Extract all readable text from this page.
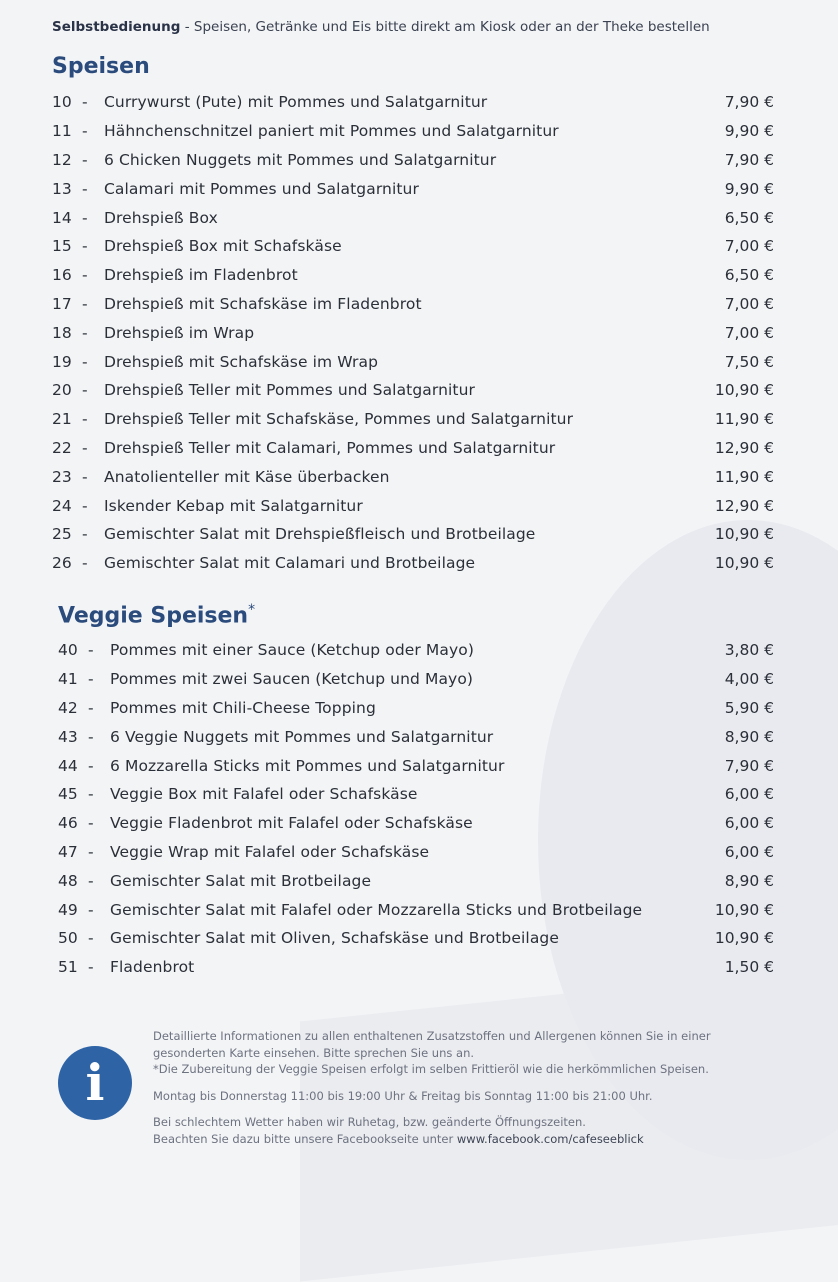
Selbstbedienung - Speisen, Getränke und Eis bitte direkt am Kiosk oder an der Theke bestellen
Speisen
10 -	Currywurst (Pute) mit Pommes und Salatgarnitur	7,90 €
11 -	Hähnchenschnitzel paniert mit Pommes und Salatgarnitur	9,90 €
12 -	6 Chicken Nuggets mit Pommes und Salatgarnitur	7,90 €
13 -	Calamari mit Pommes und Salatgarnitur	9,90 €
14 -	Drehspieß Box	6,50 €
15 -	Drehspieß Box mit Schafskäse	7,00 €
16 -	Drehspieß im Fladenbrot	6,50 €
17 -	Drehspieß mit Schafskäse im Fladenbrot	7,00 €
18 -	Drehspieß im Wrap	7,00 €
19 -	Drehspieß mit Schafskäse im Wrap	7,50 €
20 -	Drehspieß Teller mit Pommes und Salatgarnitur	10,90 €
21 -	Drehspieß Teller mit Schafskäse, Pommes und Salatgarnitur	11,90 €
22 -	Drehspieß Teller mit Calamari, Pommes und Salatgarnitur	12,90 €
23 -	Anatolienteller mit Käse überbacken	11,90 €
24 -	Iskender Kebap mit Salatgarnitur	12,90 €
25 -	Gemischter Salat mit Drehspießfleisch und Brotbeilage	10,90 €
26 -	Gemischter Salat mit Calamari und Brotbeilage	10,90 €
Veggie Speisen*
40 -	Pommes mit einer Sauce (Ketchup oder Mayo)	3,80 €
41 -	Pommes mit zwei Saucen (Ketchup und Mayo)	4,00 €
42 -	Pommes mit Chili-Cheese Topping	5,90 €
43 -	6 Veggie Nuggets mit Pommes und Salatgarnitur	8,90 €
44 -	6 Mozzarella Sticks mit Pommes und Salatgarnitur	7,90 €
45 -	Veggie Box mit Falafel oder Schafskäse	6,00 €
46 -	Veggie Fladenbrot mit Falafel oder Schafskäse	6,00 €
47 -	Veggie Wrap mit Falafel oder Schafskäse	6,00 €
48 -	Gemischter Salat mit Brotbeilage	8,90 €
49 -	Gemischter Salat mit Falafel oder Mozzarella Sticks und Brotbeilage	10,90 €
50 -	Gemischter Salat mit Oliven, Schafskäse und Brotbeilage	10,90 €
51 -	Fladenbrot	1,50 €
i

Detaillierte Informationen zu allen enthaltenen Zusatzstoffen und Allergenen können Sie in einer
gesonderten Karte einsehen. Bitte sprechen Sie uns an.
*Die Zubereitung der Veggie Speisen erfolgt im selben Frittieröl wie die herkömmlichen Speisen.

Montag bis Donnerstag 11:00 bis 19:00 Uhr & Freitag bis Sonntag 11:00 bis 21:00 Uhr.

Bei schlechtem Wetter haben wir Ruhetag, bzw. geänderte Öffnungszeiten.
Beachten Sie dazu bitte unsere Facebookseite unter www.facebook.com/cafeseeblick
